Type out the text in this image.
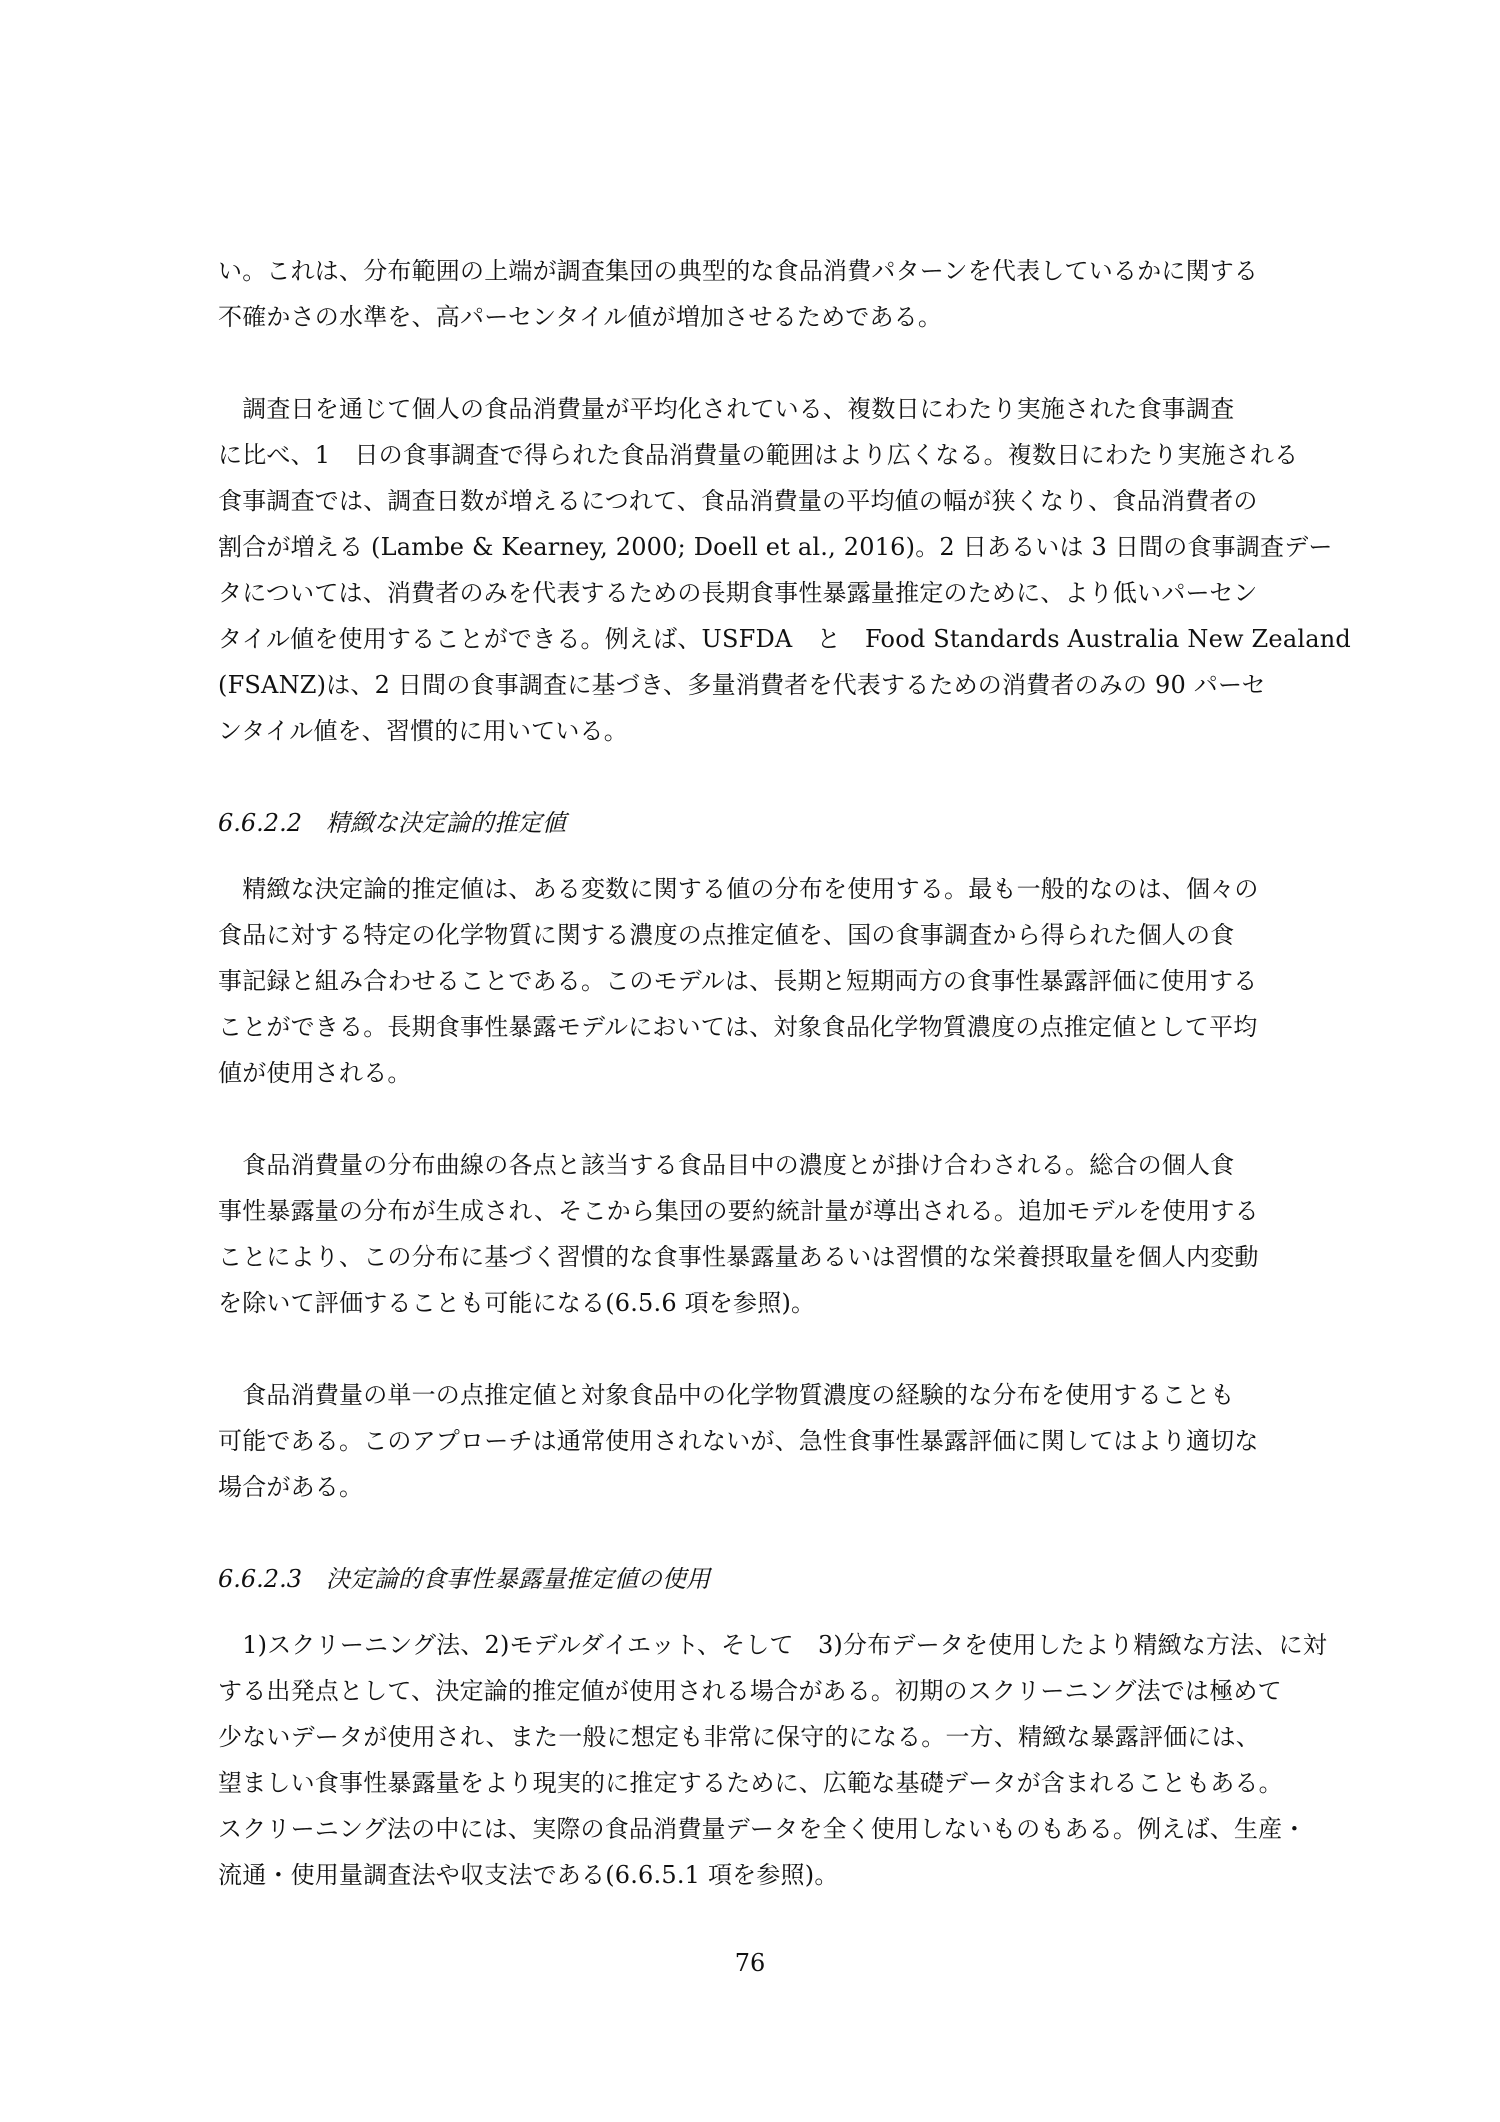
い。これは、分布範囲の上端が調査集団の典型的な食品消費パターンを代表しているかに関する
不確かさの水準を、高パーセンタイル値が増加させるためである。
　調査日を通じて個人の食品消費量が平均化されている、複数日にわたり実施された食事調査
に比べ、1　日の食事調査で得られた食品消費量の範囲はより広くなる。複数日にわたり実施される
食事調査では、調査日数が増えるにつれて、食品消費量の平均値の幅が狭くなり、食品消費者の
割合が増える (Lambe & Kearney, 2000; Doell et al., 2016)。2 日あるいは 3 日間の食事調査デー
タについては、消費者のみを代表するための長期食事性暴露量推定のために、より低いパーセン
タイル値を使用することができる。例えば、USFDA　と　Food Standards Australia New Zealand
(FSANZ)は、2 日間の食事調査に基づき、多量消費者を代表するための消費者のみの 90 パーセ
ンタイル値を、習慣的に用いている。
6.6.2.2　精緻な決定論的推定値
　精緻な決定論的推定値は、ある変数に関する値の分布を使用する。最も一般的なのは、個々の
食品に対する特定の化学物質に関する濃度の点推定値を、国の食事調査から得られた個人の食
事記録と組み合わせることである。このモデルは、長期と短期両方の食事性暴露評価に使用する
ことができる。長期食事性暴露モデルにおいては、対象食品化学物質濃度の点推定値として平均
値が使用される。
　食品消費量の分布曲線の各点と該当する食品目中の濃度とが掛け合わされる。総合の個人食
事性暴露量の分布が生成され、そこから集団の要約統計量が導出される。追加モデルを使用する
ことにより、この分布に基づく習慣的な食事性暴露量あるいは習慣的な栄養摂取量を個人内変動
を除いて評価することも可能になる(6.5.6 項を参照)。
　食品消費量の単一の点推定値と対象食品中の化学物質濃度の経験的な分布を使用することも
可能である。このアプローチは通常使用されないが、急性食事性暴露評価に関してはより適切な
場合がある。
6.6.2.3　決定論的食事性暴露量推定値の使用
　1)スクリーニング法、2)モデルダイエット、そして　3)分布データを使用したより精緻な方法、に対
する出発点として、決定論的推定値が使用される場合がある。初期のスクリーニング法では極めて
少ないデータが使用され、また一般に想定も非常に保守的になる。一方、精緻な暴露評価には、
望ましい食事性暴露量をより現実的に推定するために、広範な基礎データが含まれることもある。
スクリーニング法の中には、実際の食品消費量データを全く使用しないものもある。例えば、生産・
流通・使用量調査法や収支法である(6.6.5.1 項を参照)。
76
